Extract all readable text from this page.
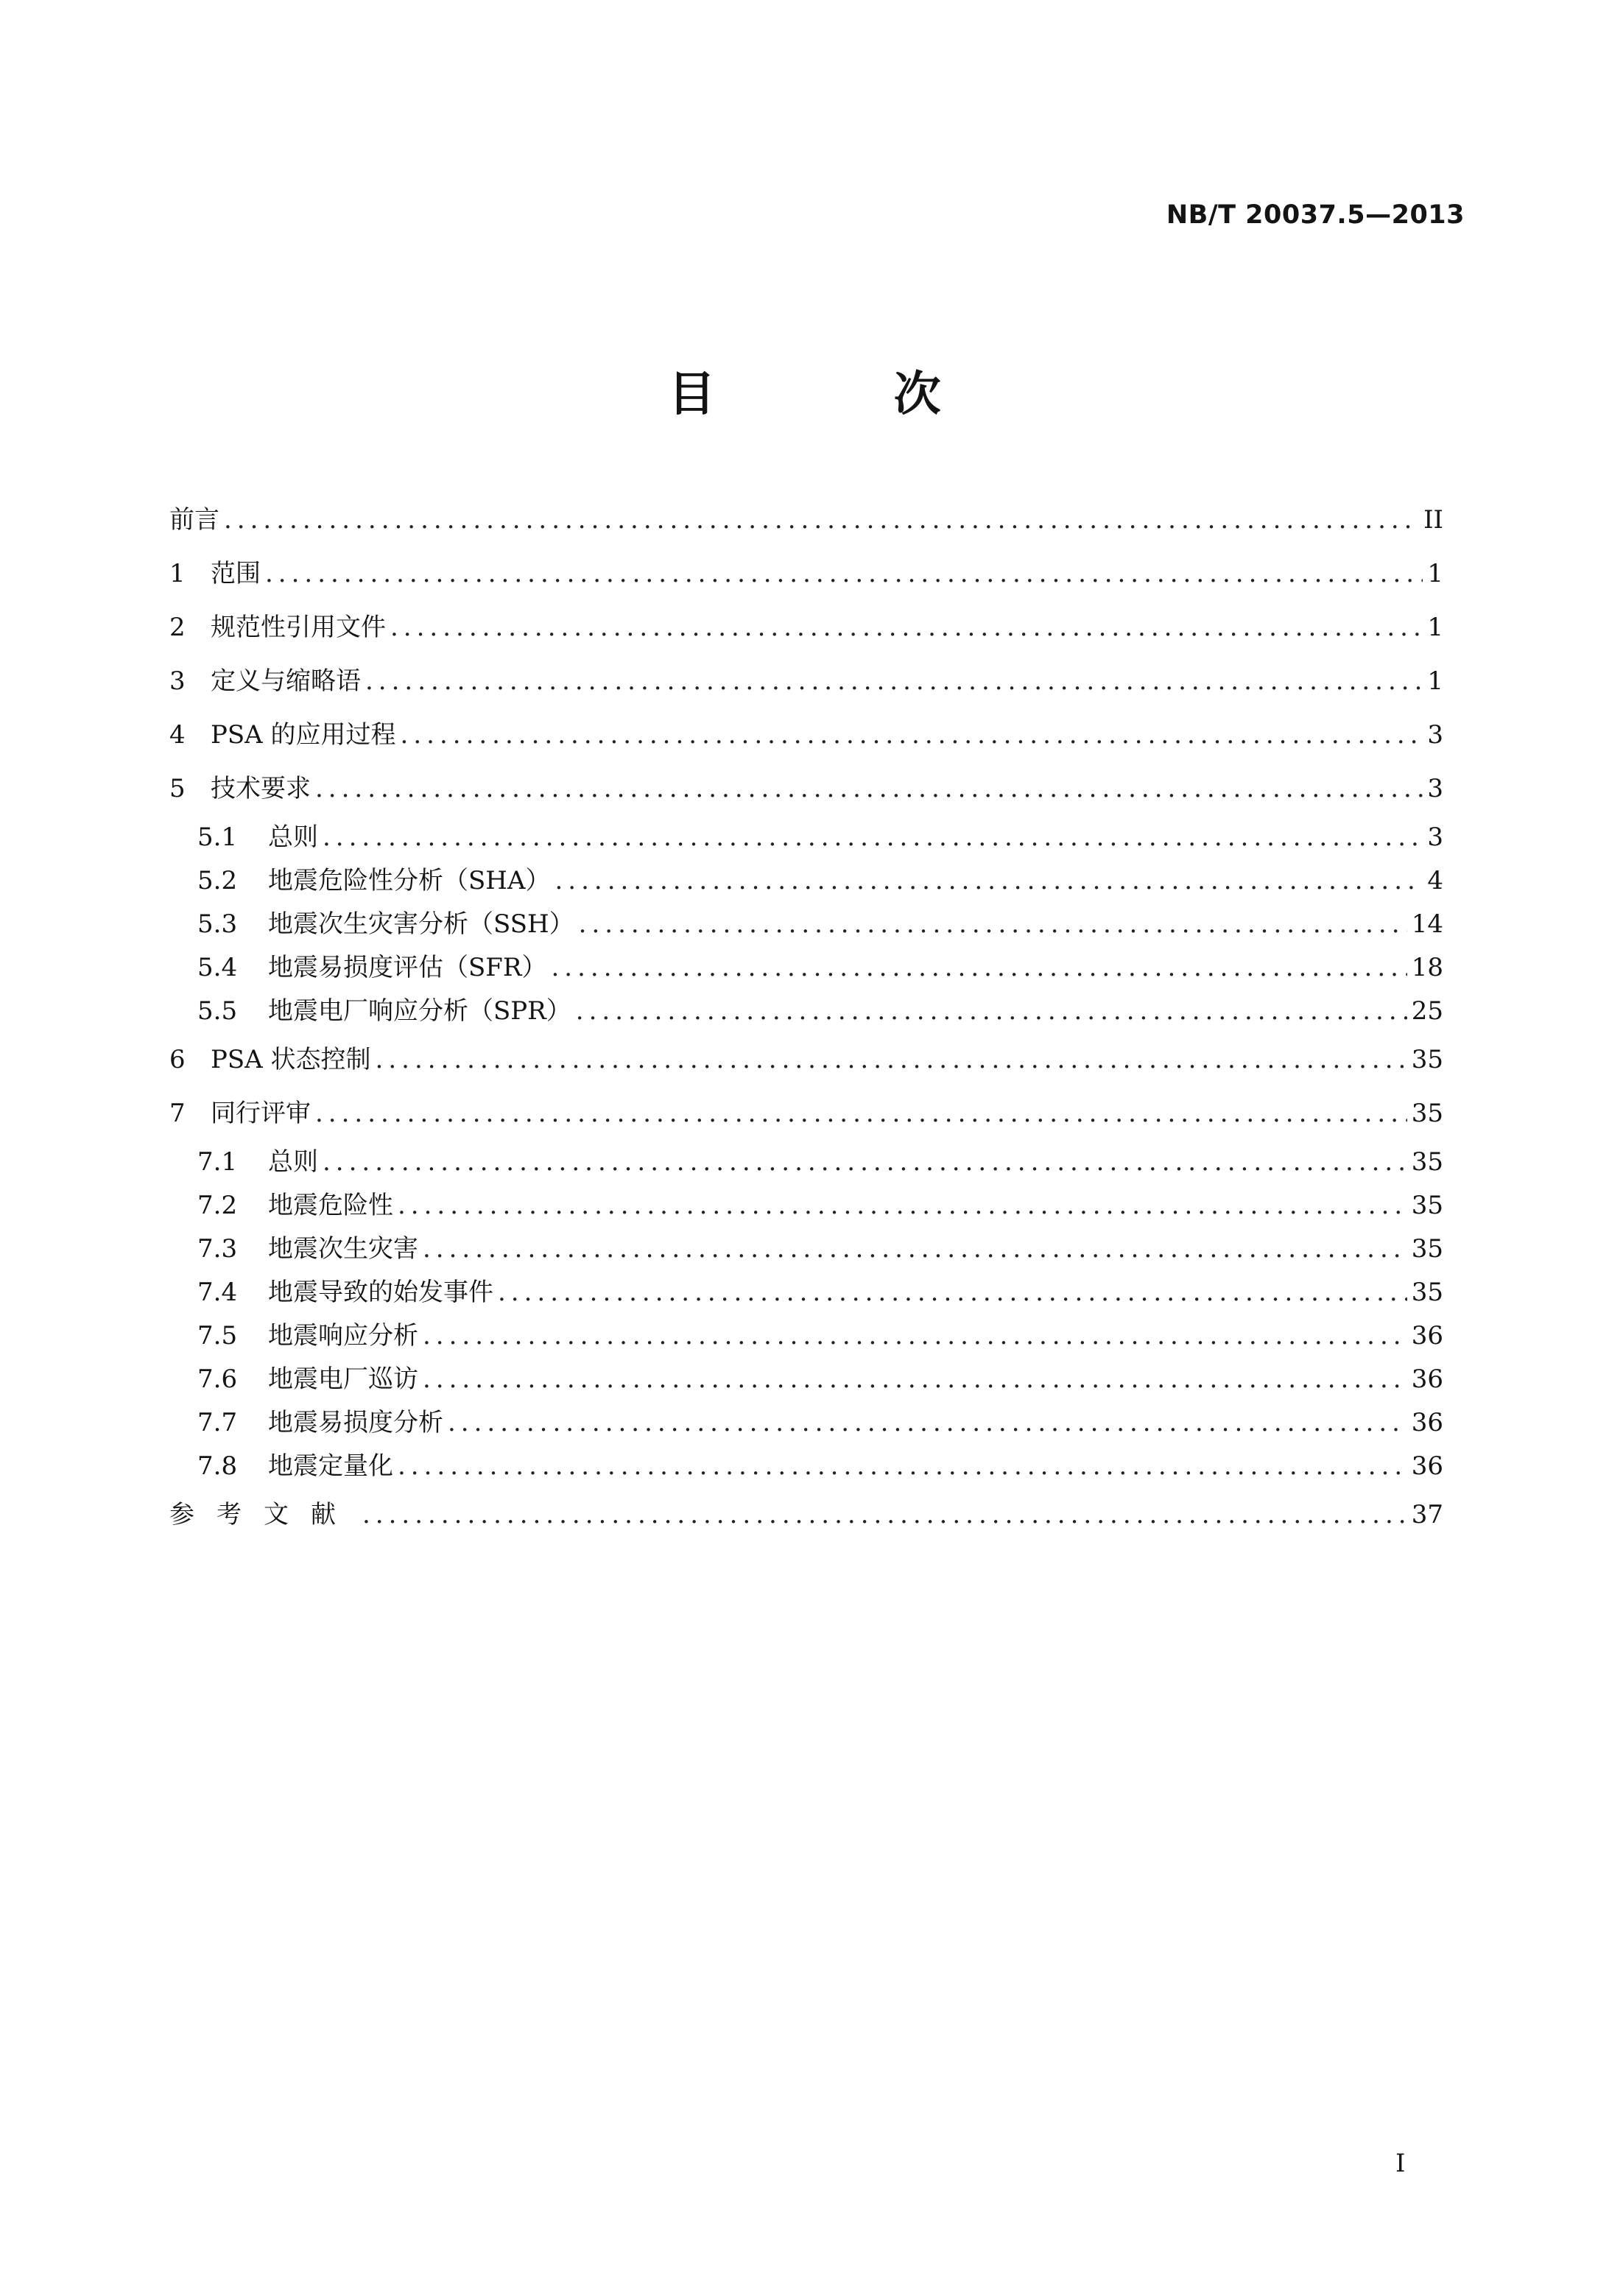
NB/T 20037.5—2013
目 次
前言 .....	II
1	范围 .....	1
2	规范性引用文件 .....	1
3	定义与缩略语 .....	1
4	PSA 的应用过程 .....	3
5	技术要求 .....	3
5.1	总则 .....	3
5.2	地震危险性分析（SHA） .....	4
5.3	地震次生灾害分析（SSH） .....	14
5.4	地震易损度评估（SFR） .....	18
5.5	地震电厂响应分析（SPR） .....	25
6	PSA 状态控制 .....	35
7	同行评审 .....	35
7.1	总则 .....	35
7.2	地震危险性 .....	35
7.3	地震次生灾害 .....	35
7.4	地震导致的始发事件 .....	35
7.5	地震响应分析 .....	36
7.6	地震电厂巡访 .....	36
7.7	地震易损度分析 .....	36
7.8	地震定量化 .....	36
参考文献 .....	37
I
